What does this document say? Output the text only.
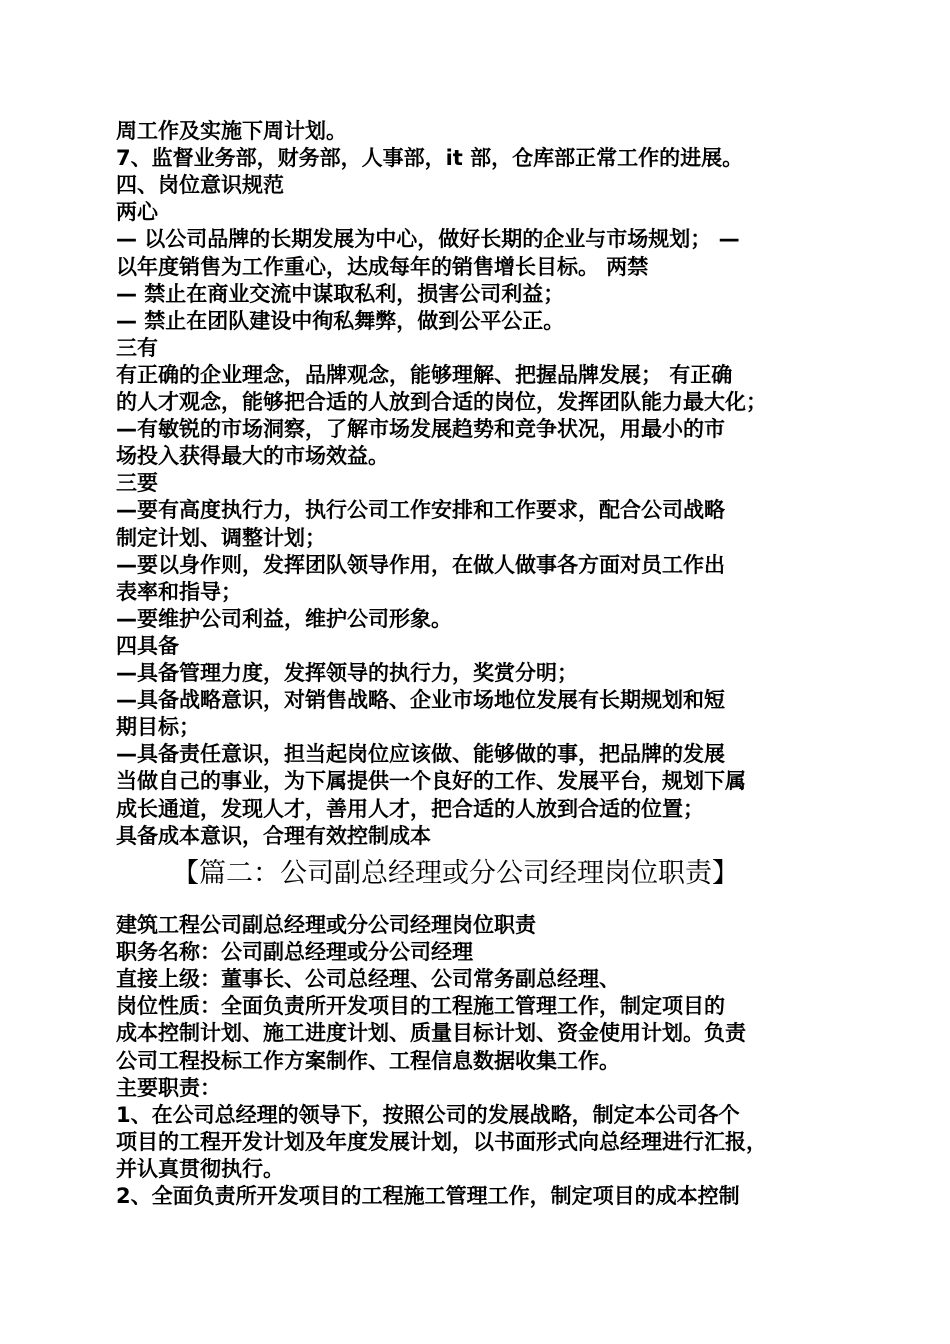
周工作及实施下周计划。
7、监督业务部，财务部，人事部，it 部，仓库部正常工作的进展。
四、岗位意识规范
两心
— 以公司品牌的长期发展为中心，做好长期的企业与市场规划； —
以年度销售为工作重心，达成每年的销售增长目标。 两禁
— 禁止在商业交流中谋取私利，损害公司利益；
— 禁止在团队建设中徇私舞弊，做到公平公正。
三有
有正确的企业理念，品牌观念，能够理解、把握品牌发展； 有正确
的人才观念，能够把合适的人放到合适的岗位，发挥团队能力最大化；
—有敏锐的市场洞察，了解市场发展趋势和竞争状况，用最小的市
场投入获得最大的市场效益。
三要
—要有高度执行力，执行公司工作安排和工作要求，配合公司战略
制定计划、调整计划；
—要以身作则，发挥团队领导作用，在做人做事各方面对员工作出
表率和指导；
—要维护公司利益，维护公司形象。
四具备
—具备管理力度，发挥领导的执行力，奖赏分明；
—具备战略意识，对销售战略、企业市场地位发展有长期规划和短
期目标；
—具备责任意识，担当起岗位应该做、能够做的事，把品牌的发展
当做自己的事业，为下属提供一个良好的工作、发展平台，规划下属
成长通道，发现人才，善用人才，把合适的人放到合适的位置；
具备成本意识，合理有效控制成本
【篇二：公司副总经理或分公司经理岗位职责】
建筑工程公司副总经理或分公司经理岗位职责
职务名称：公司副总经理或分公司经理
直接上级：董事长、公司总经理、公司常务副总经理、
岗位性质：全面负责所开发项目的工程施工管理工作，制定项目的
成本控制计划、施工进度计划、质量目标计划、资金使用计划。负责
公司工程投标工作方案制作、工程信息数据收集工作。
主要职责：
1、在公司总经理的领导下，按照公司的发展战略，制定本公司各个
项目的工程开发计划及年度发展计划，以书面形式向总经理进行汇报，
并认真贯彻执行。
2、全面负责所开发项目的工程施工管理工作，制定项目的成本控制
